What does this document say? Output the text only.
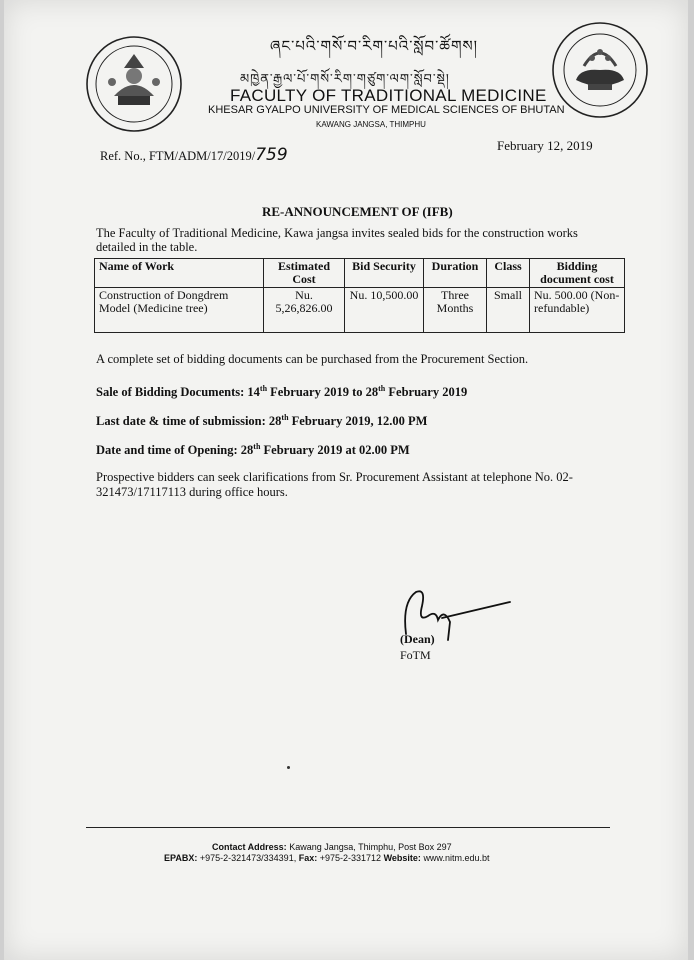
ཞང་པའི་གསོ་བ་རིག་པའི་སློབ་ཚོགས།
མཁྱེན་རྒྱལ་པོ་གསོ་རིག་གཙུག་ལག་སློབ་སྡེ།
FACULTY OF TRADITIONAL MEDICINE
KHESAR GYALPO UNIVERSITY OF MEDICAL SCIENCES OF BHUTAN
KAWANG JANGSA, THIMPHU
Ref. No., FTM/ADM/17/2019/759	February 12, 2019
RE-ANNOUNCEMENT OF (IFB)
The Faculty of Traditional Medicine, Kawa jangsa invites sealed bids for the construction works detailed in the table.
Name of Work	Estimated Cost	Bid Security	Duration	Class	Bidding document cost
Construction of Dongdrem Model (Medicine tree)	Nu. 5,26,826.00	Nu. 10,500.00	Three Months	Small	Nu. 500.00 (Non-refundable)
A complete set of bidding documents can be purchased from the Procurement Section.
Sale of Bidding Documents: 14th February 2019 to 28th February 2019
Last date & time of submission: 28th February 2019, 12.00 PM
Date and time of Opening: 28th February 2019 at 02.00 PM
Prospective bidders can seek clarifications from Sr. Procurement Assistant at telephone No. 02-
321473/17117113 during office hours.
(Dean)
FoTM
Contact Address: Kawang Jangsa, Thimphu, Post Box 297
EPABX: +975-2-321473/334391, Fax: +975-2-331712 Website: www.nitm.edu.bt
